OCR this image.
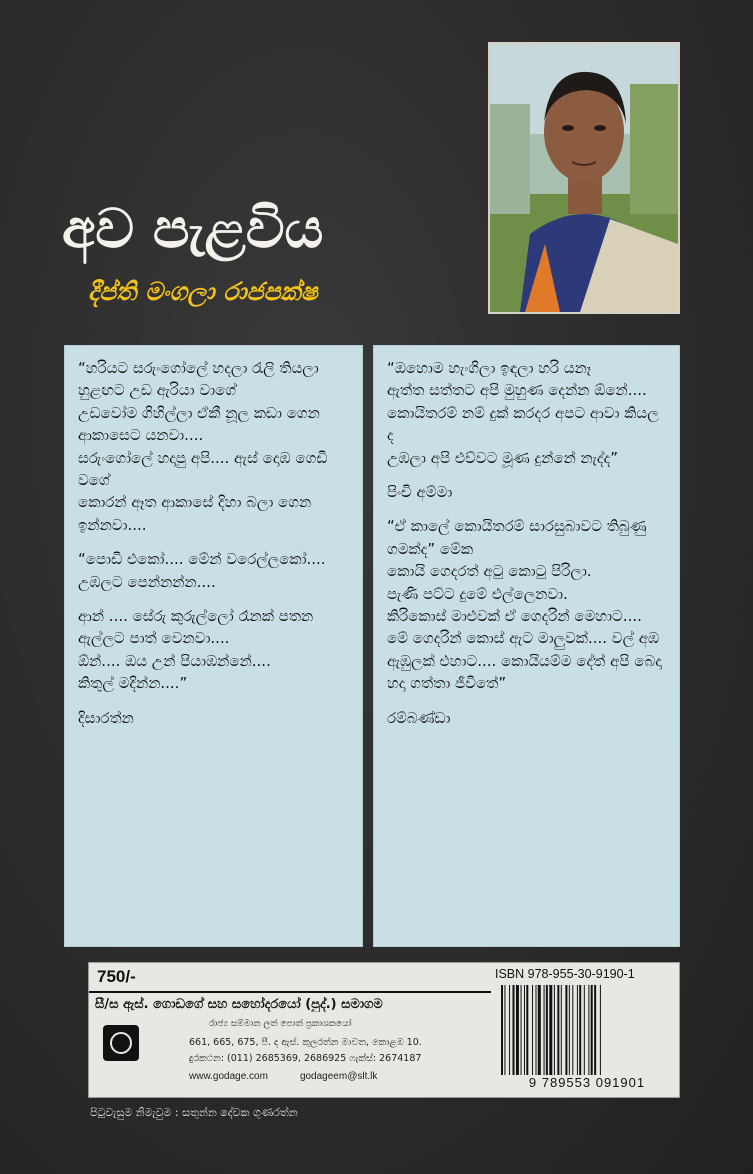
අව පැළවිය
දීප්ති මංගලා රාජපක්ෂ

“හරියට සරුංගෝලේ හදලා රැලි තියලා
හුළඟට උඩ ඇරියා වාගේ
උඩවෝම ගිහිල්ලා ඒකී නූල කඩා ගෙන
ආකාසෙට යනවා....
සරුංගෝලේ හදාපු අපි.... ඇස් දොඹ ගෙඩි වගේ
කොරන් ඈත ආකාසේ දිහා බලා ගෙන ඉන්නවා....

“පොඩි එකෝ.... මේන් වරෙල්ලකෝ.... උඹලට පෙන්නන්න....

ආන් .... සේරු කුරුල්ලෝ රෑනක් පතන ඇල්ලට පාත් වෙනවා....
ඕන්.... ඔය උන් පියාඹන්නේ....
කිතුල් මදින්න....”

දිසාරත්න

“ඔහොම හැංගිලා ඉඳලා හරි යනෑ
ඇත්ත සත්තට අපි මුහුණ දෙන්න ඕනේ....
කොයිතරම් නම් දුක් කරදර අපට ආවා කියල ද
උඹලා අපි එව්වට මූණ දුන්නේ නැද්ද”

පිංචි අම්මා

“ඒ කාලේ කොයිතරම් සාරසුබාවට තිබුණු ගමක්ද” මේක
කොයි ගෙදරත් අටු කොටු පිරිලා.
පැණි පට්ට දුමේ එල්ලෙනවා.
කිරිකොස් මාළුවක් ඒ ගෙදරින් මෙහාට....
මේ ගෙදරින් කොස් ඇට මාලුවක්.... වල් අඹ ඇඹුලක් එහාට.... කොයියම්ම දේත් අපි බෙදා හදා ගත්තා ජීවිතේ”

රම්බණ්ඩා

750/-
සී/ස ඇස්. ගොඩගේ සහ සහෝදරයෝ (පුද්.) සමාගම
රාජ්‍ය සම්මාන ලත් පොත් ප්‍රකාශකයෝ
661, 665, 675, පී. ද ඇස්. කුලරත්න මාවත, කොළඹ 10.
දුරකථන: (011) 2685369, 2686925 ෆැක්ස්: 2674187
www.godage.com	godageem@slt.lk
ISBN 978-955-30-9190-1
9 789553 091901
පිටුවැසුම නිමැවුම : සතුන්න දේවක ගුණරත්න
